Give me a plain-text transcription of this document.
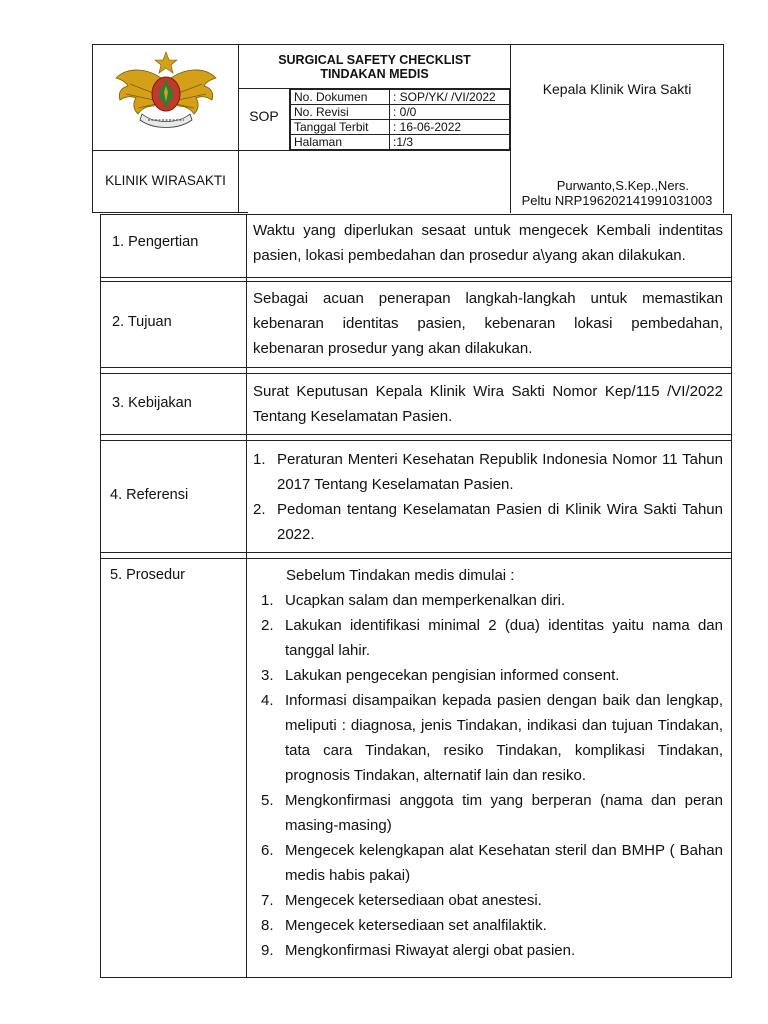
SURGICAL SAFETY CHECKLIST
TINDAKAN MEDIS
SOP
No. Dokumen	: SOP/YK/ /VI/2022
No. Revisi	: 0/0
Tanggal Terbit	: 16-06-2022
Halaman	:1/3
Kepala Klinik Wira Sakti
KLINIK WIRASAKTI	Purwanto,S.Kep.,Ners.
Peltu NRP196202141991031003
1. Pengertian
Waktu yang diperlukan sesaat untuk mengecek Kembali indentitas pasien, lokasi pembedahan dan prosedur a\yang akan dilakukan.
2. Tujuan
Sebagai acuan penerapan langkah-langkah untuk memastikan kebenaran identitas pasien, kebenaran lokasi pembedahan, kebenaran prosedur yang akan dilakukan.
3. Kebijakan
Surat Keputusan Kepala Klinik Wira Sakti Nomor Kep/115 /VI/2022 Tentang Keselamatan Pasien.
4. Referensi
1. Peraturan Menteri Kesehatan Republik Indonesia Nomor 11 Tahun 2017 Tentang Keselamatan Pasien.
2. Pedoman tentang Keselamatan Pasien di Klinik Wira Sakti Tahun 2022.
5. Prosedur	Sebelum Tindakan medis dimulai :
1. Ucapkan salam dan memperkenalkan diri.
2. Lakukan identifikasi minimal 2 (dua) identitas yaitu nama dan tanggal lahir.
3. Lakukan pengecekan pengisian informed consent.
4. Informasi disampaikan kepada pasien dengan baik dan lengkap, meliputi : diagnosa, jenis Tindakan, indikasi dan tujuan Tindakan, tata cara Tindakan, resiko Tindakan, komplikasi Tindakan, prognosis Tindakan, alternatif lain dan resiko.
5. Mengkonfirmasi anggota tim yang berperan (nama dan peran masing-masing)
6. Mengecek kelengkapan alat Kesehatan steril dan BMHP ( Bahan medis habis pakai)
7. Mengecek ketersediaan obat anestesi.
8. Mengecek ketersediaan set analfilaktik.
9. Mengkonfirmasi Riwayat alergi obat pasien.
